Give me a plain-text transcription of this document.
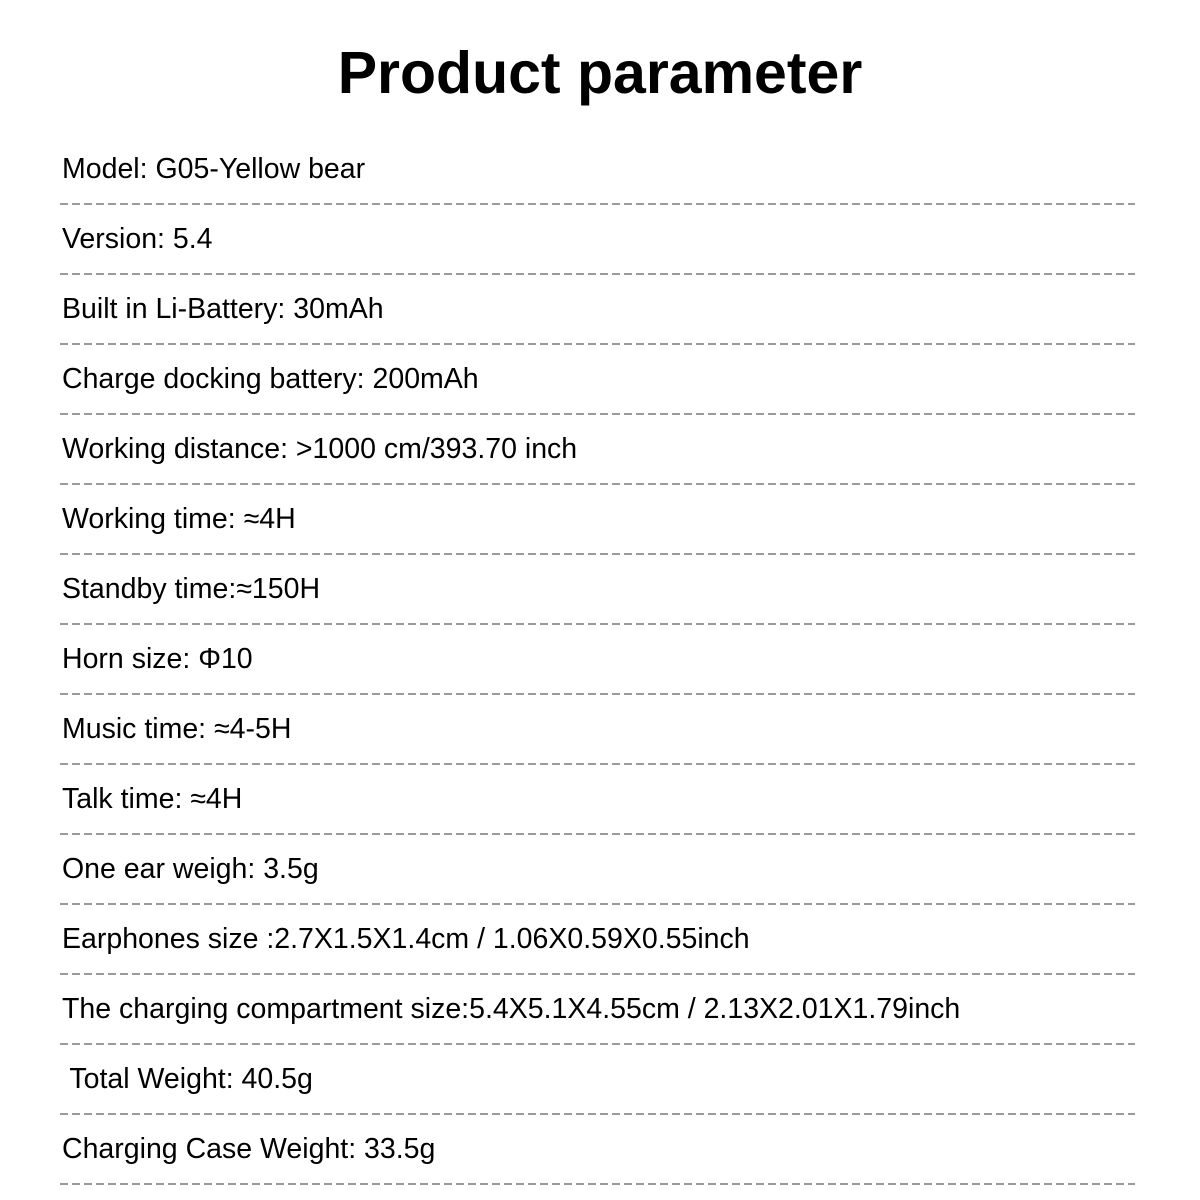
Product parameter
Model: G05-Yellow bear
Version: 5.4
Built in Li-Battery: 30mAh
Charge docking battery: 200mAh
Working distance: >1000 cm/393.70 inch
Working time: ≈4H
Standby time:≈150H
Horn size: Φ10
Music time: ≈4-5H
Talk time: ≈4H
One ear weigh: 3.5g
Earphones size :2.7X1.5X1.4cm / 1.06X0.59X0.55inch
The charging compartment size:5.4X5.1X4.55cm / 2.13X2.01X1.79inch
Total Weight: 40.5g
Charging Case Weight: 33.5g
